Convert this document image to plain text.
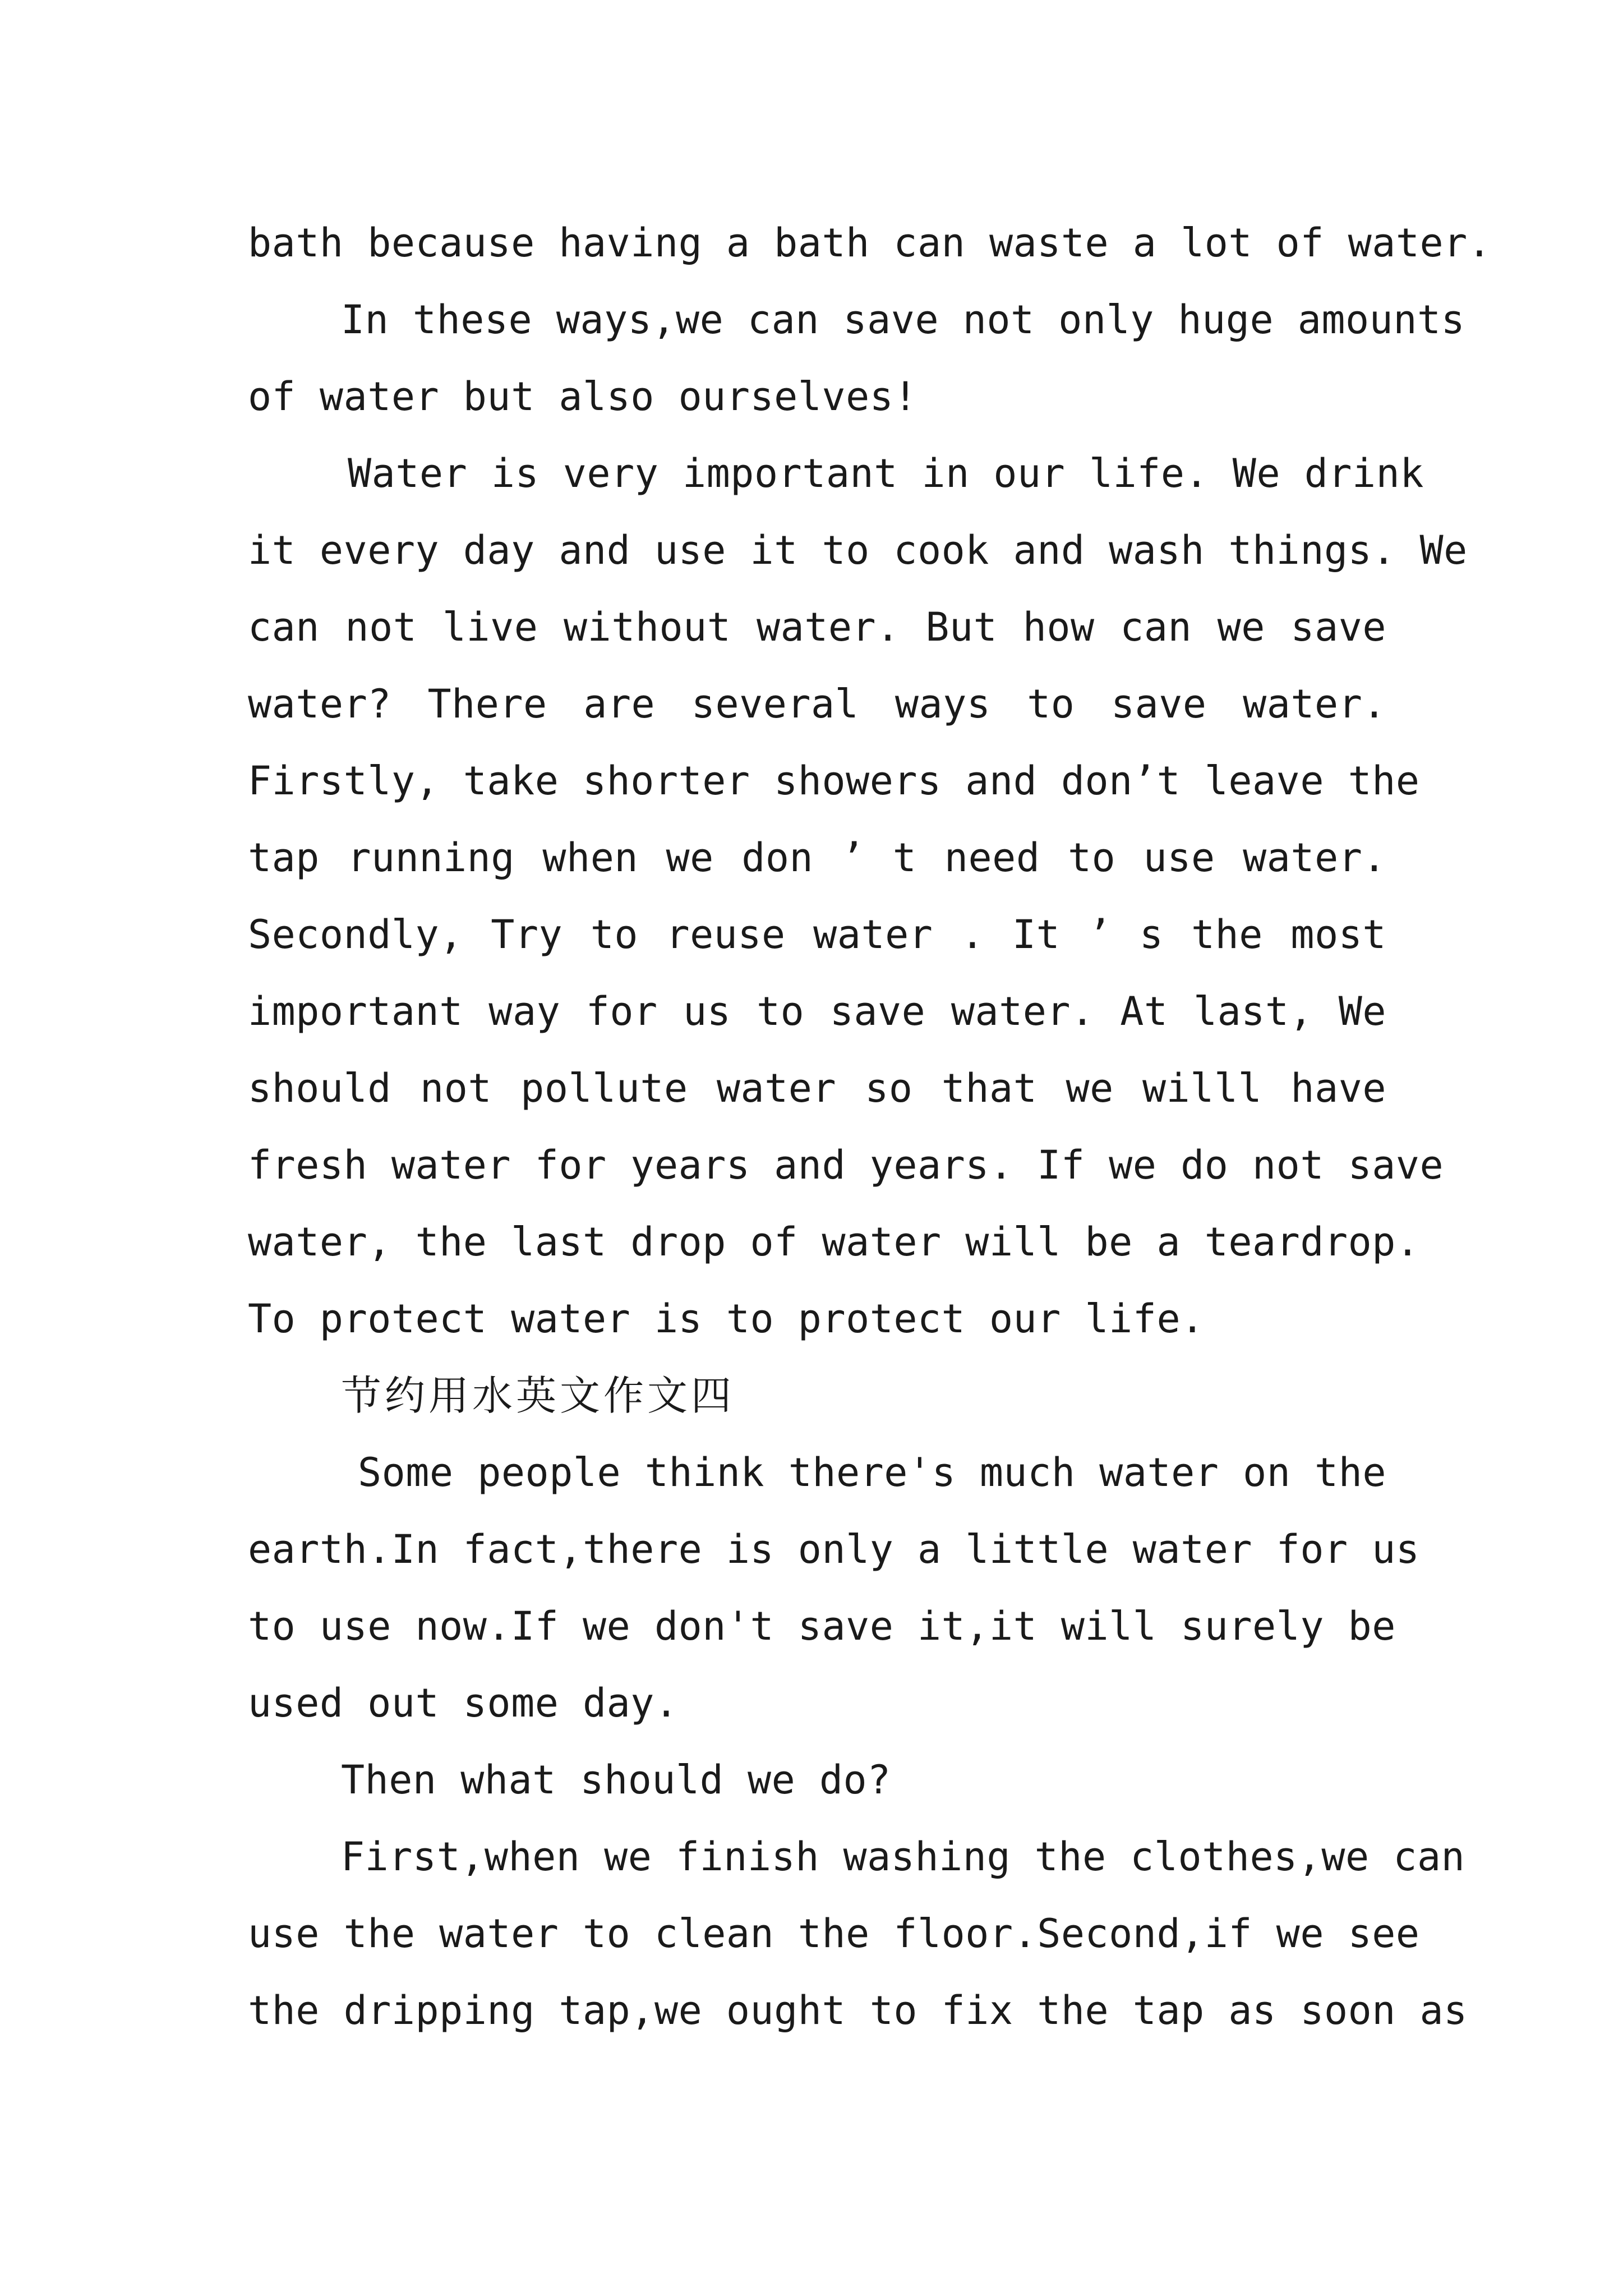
bath because having a bath can waste a lot of water.
In these ways,we can save not only huge amounts
of water but also ourselves!
Water is very important in our life. We drink
it every day and use it to cook and wash things. We
can not live without water. But how can we save
water? There are several ways to save water.
Firstly, take shorter showers and don’t leave the
tap running when we don ’ t need to use water.
Secondly, Try to reuse water . It ’ s the most
important way for us to save water. At last, We
should not pollute water so that we willl have
fresh water for years and years. If we do not save
water, the last drop of water will be a teardrop.
To protect water is to protect our life.
节约用水英文作文四
Some people think there's much water on the
earth.In fact,there is only a little water for us
to use now.If we don't save it,it will surely be
used out some day.
Then what should we do?
First,when we finish washing the clothes,we can
use the water to clean the floor.Second,if we see
the dripping tap,we ought to fix the tap as soon as
